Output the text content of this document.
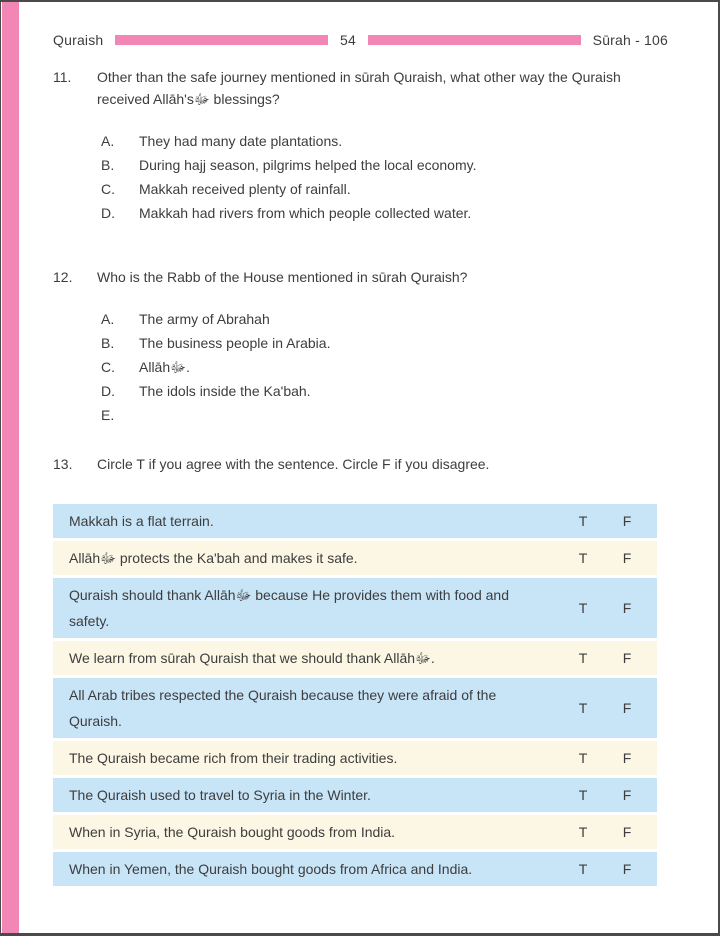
Quraish	54	Sūrah - 106
11.	Other than the safe journey mentioned in sūrah Quraish, what other way the Quraish received Allāh'sﷻ blessings?
A.	They had many date plantations.
B.	During hajj season, pilgrims helped the local economy.
C.	Makkah received plenty of rainfall.
D.	Makkah had rivers from which people collected water.
12.	Who is the Rabb of the House mentioned in sūrah Quraish?
A.	The army of Abrahah
B.	The business people in Arabia.
C.	Allāhﷻ.
D.	The idols inside the Ka'bah.
E.
13.	Circle T if you agree with the sentence. Circle F if you disagree.
Makkah is a flat terrain.	T	F
Allāhﷻ protects the Ka'bah and makes it safe.	T	F
Quraish should thank Allāhﷻ because He provides them with food and safety.
T	F
We learn from sūrah Quraish that we should thank Allāhﷻ.	T	F
All Arab tribes respected the Quraish because they were afraid of the Quraish.
T	F
The Quraish became rich from their trading activities.	T	F
The Quraish used to travel to Syria in the Winter.	T	F
When in Syria, the Quraish bought goods from India.	T	F
When in Yemen, the Quraish bought goods from Africa and India.	T	F
